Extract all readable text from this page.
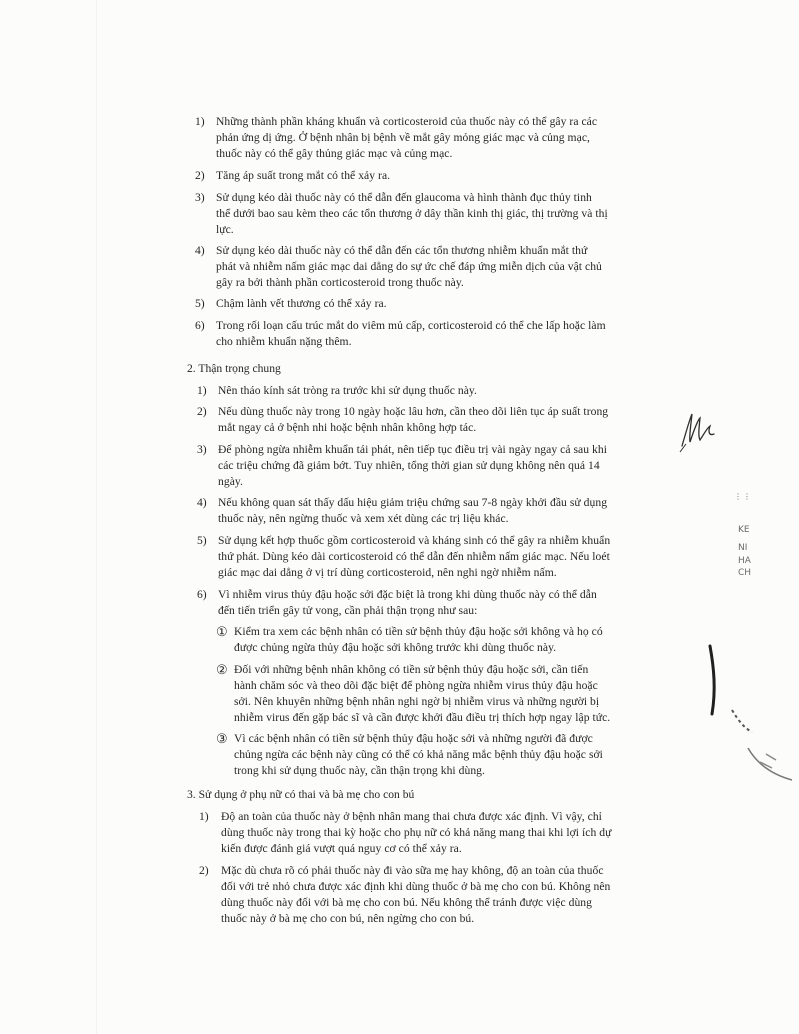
1) Những thành phần kháng khuẩn và corticosteroid của thuốc này có thể gây ra các
phản ứng dị ứng. Ở bệnh nhân bị bệnh về mắt gây mỏng giác mạc và củng mạc,
thuốc này có thể gây thủng giác mạc và củng mạc.
2) Tăng áp suất trong mắt có thể xảy ra.
3) Sử dụng kéo dài thuốc này có thể dẫn đến glaucoma và hình thành đục thủy tinh
thể dưới bao sau kèm theo các tổn thương ở dây thần kinh thị giác, thị trường và thị
lực.
4) Sử dụng kéo dài thuốc này có thể dẫn đến các tổn thương nhiễm khuẩn mắt thứ
phát và nhiễm nấm giác mạc dai dẳng do sự ức chế đáp ứng miễn dịch của vật chủ
gây ra bởi thành phần corticosteroid trong thuốc này.
5) Chậm lành vết thương có thể xảy ra.
6) Trong rối loạn cấu trúc mắt do viêm mủ cấp, corticosteroid có thể che lấp hoặc làm
cho nhiễm khuẩn nặng thêm.
2. Thận trọng chung
1) Nên tháo kính sát tròng ra trước khi sử dụng thuốc này.
2) Nếu dùng thuốc này trong 10 ngày hoặc lâu hơn, cần theo dõi liên tục áp suất trong
mắt ngay cả ở bệnh nhi hoặc bệnh nhân không hợp tác.
3) Để phòng ngừa nhiễm khuẩn tái phát, nên tiếp tục điều trị vài ngày ngay cả sau khi
các triệu chứng đã giảm bớt. Tuy nhiên, tổng thời gian sử dụng không nên quá 14
ngày.
4) Nếu không quan sát thấy dấu hiệu giảm triệu chứng sau 7-8 ngày khởi đầu sử dụng
thuốc này, nên ngừng thuốc và xem xét dùng các trị liệu khác.
5) Sử dụng kết hợp thuốc gồm corticosteroid và kháng sinh có thể gây ra nhiễm khuẩn
thứ phát. Dùng kéo dài corticosteroid có thể dẫn đến nhiễm nấm giác mạc. Nếu loét
giác mạc dai dẳng ở vị trí dùng corticosteroid, nên nghi ngờ nhiễm nấm.
6) Vì nhiễm virus thủy đậu hoặc sởi đặc biệt là trong khi dùng thuốc này có thể dẫn
đến tiến triển gây tử vong, cần phải thận trọng như sau:
① Kiểm tra xem các bệnh nhân có tiền sử bệnh thủy đậu hoặc sởi không và họ có
được chủng ngừa thủy đậu hoặc sởi không trước khi dùng thuốc này.
② Đối với những bệnh nhân không có tiền sử bệnh thủy đậu hoặc sởi, cần tiến
hành chăm sóc và theo dõi đặc biệt để phòng ngừa nhiễm virus thủy đậu hoặc
sởi. Nên khuyên những bệnh nhân nghi ngờ bị nhiễm virus và những người bị
nhiễm virus đến gặp bác sĩ và cần được khởi đầu điều trị thích hợp ngay lập tức.
③ Vì các bệnh nhân có tiền sử bệnh thủy đậu hoặc sởi và những người đã được
chủng ngừa các bệnh này cũng có thể có khả năng mắc bệnh thủy đậu hoặc sởi
trong khi sử dụng thuốc này, cần thận trọng khi dùng.
3. Sử dụng ở phụ nữ có thai và bà mẹ cho con bú
1) Độ an toàn của thuốc này ở bệnh nhân mang thai chưa được xác định. Vì vậy, chỉ
dùng thuốc này trong thai kỳ hoặc cho phụ nữ có khả năng mang thai khi lợi ích dự
kiến được đánh giá vượt quá nguy cơ có thể xảy ra.
2) Mặc dù chưa rõ có phải thuốc này đi vào sữa mẹ hay không, độ an toàn của thuốc
đối với trẻ nhỏ chưa được xác định khi dùng thuốc ở bà mẹ cho con bú. Không nên
dùng thuốc này đối với bà mẹ cho con bú. Nếu không thể tránh được việc dùng
thuốc này ở bà mẹ cho con bú, nên ngừng cho con bú.
⋮⋮
KE
NI
HA
CH
